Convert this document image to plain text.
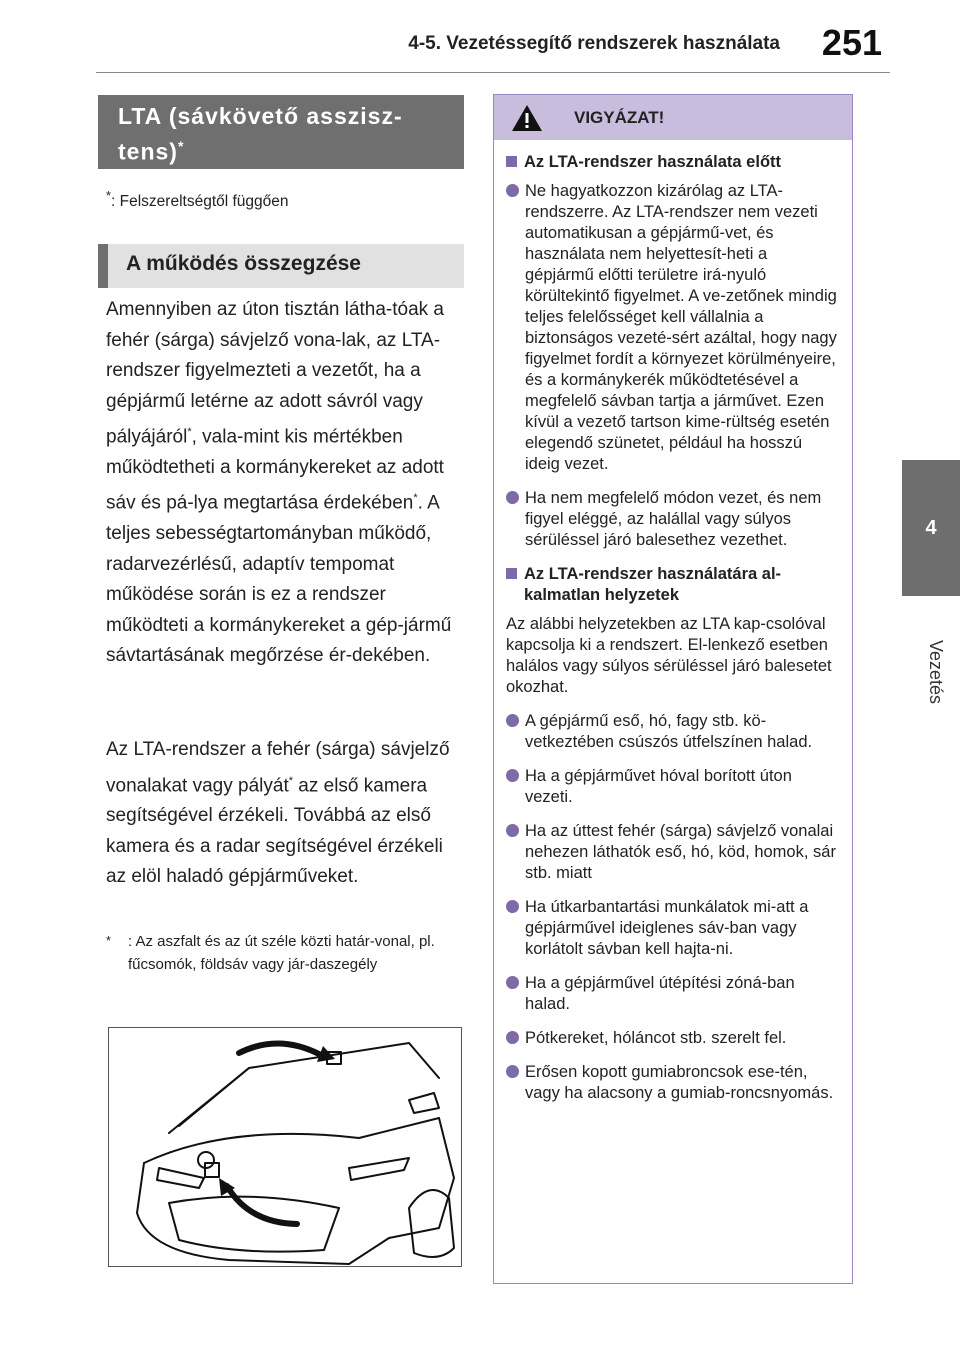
4-5. Vezetéssegítő rendszerek használata 251
4
Vezetés
LTA (sávkövető asszisz-
tens)*
*: Felszereltségtől függően
A működés összegzése
Amennyiben az úton tisztán látha-tóak a fehér (sárga) sávjelző vona-lak, az LTA-rendszer figyelmezteti a vezetőt, ha a gépjármű letérne az adott sávról vagy pályájáról*, vala-mint kis mértékben működtetheti a kormánykereket az adott sáv és pá-lya megtartása érdekében*. A teljes sebességtartományban működő, radarvezérlésű, adaptív tempomat működése során is ez a rendszer működteti a kormánykereket a gép-jármű sávtartásának megőrzése ér-dekében.
Az LTA-rendszer a fehér (sárga) sávjelző vonalakat vagy pályát* az első kamera segítségével érzékeli. Továbbá az első kamera és a radar segítségével érzékeli az elöl haladó gépjárműveket.
* : Az aszfalt és az út széle közti határ-vonal, pl. fűcsomók, földsáv vagy jár-daszegély
VIGYÁZAT!
Az LTA-rendszer használata előtt
Ne hagyatkozzon kizárólag az LTA-rendszerre. Az LTA-rendszer nem vezeti automatikusan a gépjármű-vet, és használata nem helyettesít-heti a gépjármű előtti területre irá-nyuló körültekintő figyelmet. A ve-zetőnek mindig teljes felelősséget kell vállalnia a biztonságos vezeté-sért azáltal, hogy nagy figyelmet fordít a környezet körülményeire, és a kormánykerék működtetésével a megfelelő sávban tartja a járművet. Ezen kívül a vezető tartson kime-rültség esetén elegendő szünetet, például ha hosszú ideig vezet.
Ha nem megfelelő módon vezet, és nem figyel eléggé, az halállal vagy súlyos sérüléssel járó balesethez vezethet.
Az LTA-rendszer használatára al-kalmatlan helyzetek
Az alábbi helyzetekben az LTA kap-csolóval kapcsolja ki a rendszert. El-lenkező esetben halálos vagy súlyos sérüléssel járó balesetet okozhat.
A gépjármű eső, hó, fagy stb. kö-vetkeztében csúszós útfelszínen halad.
Ha a gépjárművet hóval borított úton vezeti.
Ha az úttest fehér (sárga) sávjelző vonalai nehezen láthatók eső, hó, köd, homok, sár stb. miatt
Ha útkarbantartási munkálatok mi-att a gépjárművel ideiglenes sáv-ban vagy korlátolt sávban kell hajta-ni.
Ha a gépjárművel útépítési zóná-ban halad.
Pótkereket, hóláncot stb. szerelt fel.
Erősen kopott gumiabroncsok ese-tén, vagy ha alacsony a gumiab-roncsnyomás.
